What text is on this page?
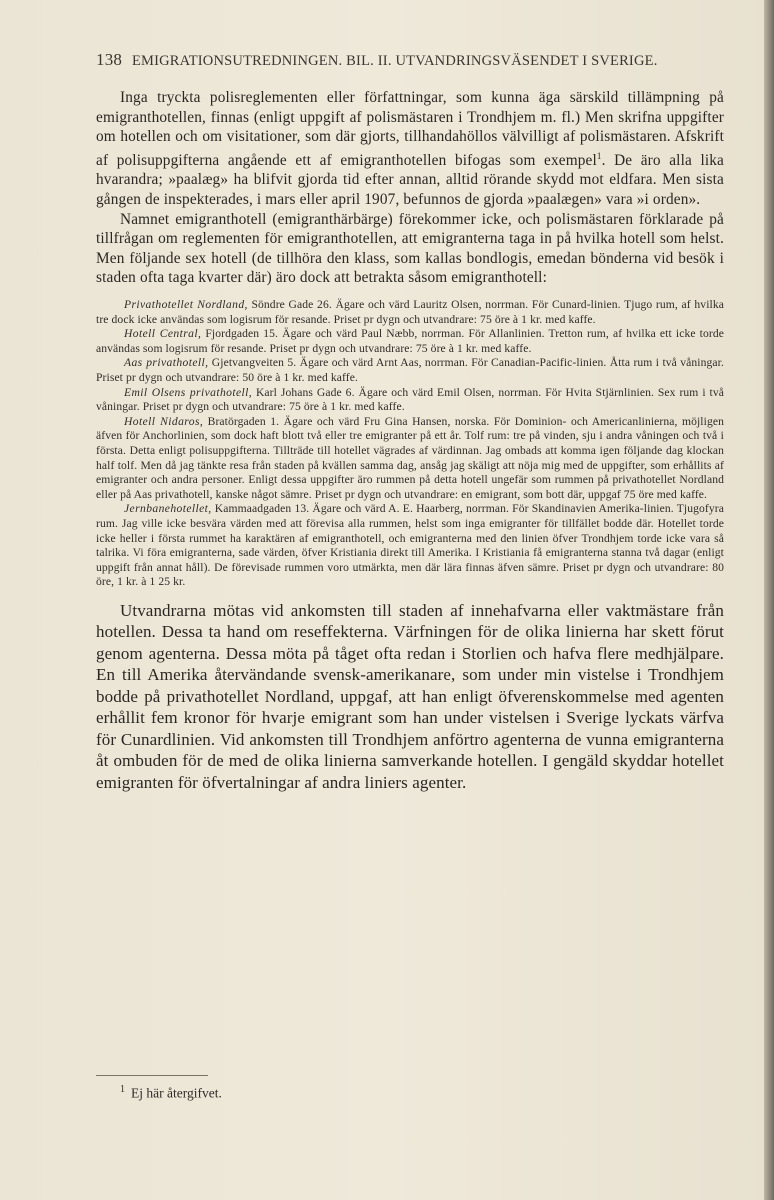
138 EMIGRATIONSUTREDNINGEN. BIL. II. UTVANDRINGSVÄSENDET I SVERIGE.

Inga tryckta polisreglementen eller författningar, som kunna äga särskild tillämpning på emigranthotellen, finnas (enligt uppgift af polismästaren i Trondhjem m. fl.) Men skrifna uppgifter om hotellen och om visitationer, som där gjorts, tillhandahöllos välvilligt af polismästaren. Afskrift af polisuppgifterna angående ett af emigranthotellen bifogas som exempel$^1$. De äro alla lika hvarandra; »paalæg» ha blifvit gjorda tid efter annan, alltid rörande skydd mot eldfara. Men sista gången de inspekterades, i mars eller april 1907, befunnos de gjorda »paalægen» vara »i orden».

Namnet emigranthotell (emigranthärbärge) förekommer icke, och polismästaren förklarade på tillfrågan om reglementen för emigranthotellen, att emigranterna taga in på hvilka hotell som helst. Men följande sex hotell (de tillhöra den klass, som kallas bondlogis, emedan bönderna vid besök i staden ofta taga kvarter där) äro dock att betrakta såsom emigranthotell:

Privathotellet Nordland, Söndre Gade 26. Ägare och värd Lauritz Olsen, norrman. För Cunard-linien. Tjugo rum, af hvilka tre dock icke användas som logisrum för resande. Priset pr dygn och utvandrare: 75 öre à 1 kr. med kaffe.

Hotell Central, Fjordgaden 15. Ägare och värd Paul Næbb, norrman. För Allanlinien. Tretton rum, af hvilka ett icke torde användas som logisrum för resande. Priset pr dygn och utvandrare: 75 öre à 1 kr. med kaffe.

Aas privathotell, Gjetvangveiten 5. Ägare och värd Arnt Aas, norrman. För Canadian-Pacific-linien. Åtta rum i två våningar. Priset pr dygn och utvandrare: 50 öre à 1 kr. med kaffe.

Emil Olsens privathotell, Karl Johans Gade 6. Ägare och värd Emil Olsen, norrman. För Hvita Stjärnlinien. Sex rum i två våningar. Priset pr dygn och utvandrare: 75 öre à 1 kr. med kaffe.

Hotell Nidaros, Bratörgaden 1. Ägare och värd Fru Gina Hansen, norska. För Dominion- och Americanlinierna, möjligen äfven för Anchorlinien, som dock haft blott två eller tre emigranter på ett år. Tolf rum: tre på vinden, sju i andra våningen och två i första. Detta enligt polisuppgifterna. Tillträde till hotellet vägrades af värdinnan. Jag ombads att komma igen följande dag klockan half tolf. Men då jag tänkte resa från staden på kvällen samma dag, ansåg jag skäligt att nöja mig med de uppgifter, som erhållits af emigranter och andra personer. Enligt dessa uppgifter äro rummen på detta hotell ungefär som rummen på privathotellet Nordland eller på Aas privathotell, kanske något sämre. Priset pr dygn och utvandrare: en emigrant, som bott där, uppgaf 75 öre med kaffe.

Jernbanehotellet, Kammaadgaden 13. Ägare och värd A. E. Haarberg, norrman. För Skandinavien Amerika-linien. Tjugofyra rum. Jag ville icke besvära värden med att förevisa alla rummen, helst som inga emigranter för tillfället bodde där. Hotellet torde icke heller i första rummet ha karaktären af emigranthotell, och emigranterna med den linien öfver Trondhjem torde icke vara så talrika. Vi föra emigranterna, sade värden, öfver Kristiania direkt till Amerika. I Kristiania få emigranterna stanna två dagar (enligt uppgift från annat håll). De förevisade rummen voro utmärkta, men där lära finnas äfven sämre. Priset pr dygn och utvandrare: 80 öre, 1 kr. à 1 25 kr.

Utvandrarna mötas vid ankomsten till staden af innehafvarna eller vaktmästare från hotellen. Dessa ta hand om reseffekterna. Värfningen för de olika linierna har skett förut genom agenterna. Dessa möta på tåget ofta redan i Storlien och hafva flere medhjälpare. En till Amerika återvändande svensk-amerikanare, som under min vistelse i Trondhjem bodde på privathotellet Nordland, uppgaf, att han enligt öfverenskommelse med agenten erhållit fem kronor för hvarje emigrant som han under vistelsen i Sverige lyckats värfva för Cunardlinien. Vid ankomsten till Trondhjem anförtro agenterna de vunna emigranterna åt ombuden för de med de olika linierna samverkande hotellen. I gengäld skyddar hotellet emigranten för öfvertalningar af andra liniers agenter.

$^1$ Ej här återgifvet.
